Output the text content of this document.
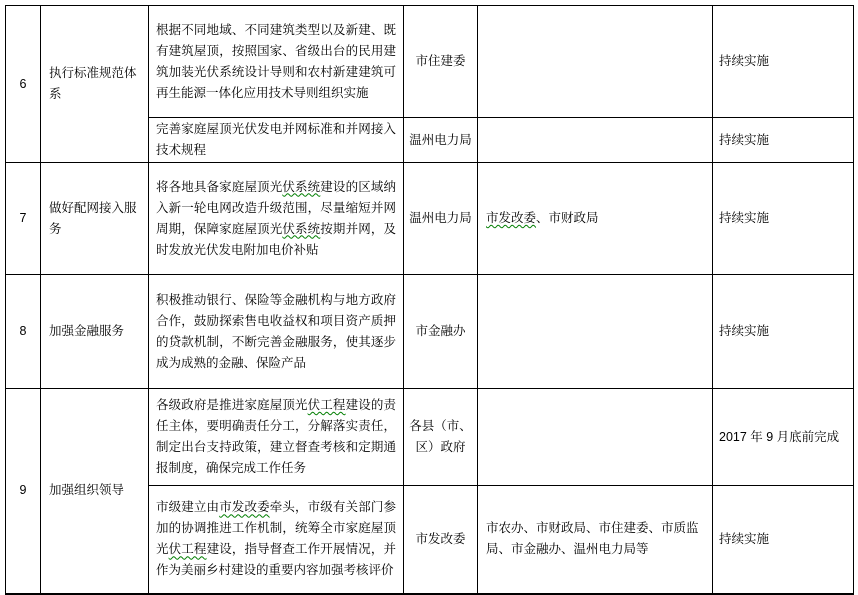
6	执行标准规范体系	根据不同地域、不同建筑类型以及新建、既有建筑屋顶，按照国家、省级出台的民用建筑加装光伏系统设计导则和农村新建建筑可再生能源一体化应用技术导则组织实施	市住建委		持续实施
		完善家庭屋顶光伏发电并网标准和并网接入技术规程	温州电力局		持续实施
7	做好配网接入服务	将各地具备家庭屋顶光伏系统建设的区域纳入新一轮电网改造升级范围，尽量缩短并网周期，保障家庭屋顶光伏系统按期并网，及时发放光伏发电附加电价补贴	温州电力局	市发改委、市财政局	持续实施
8	加强金融服务	积极推动银行、保险等金融机构与地方政府合作，鼓励探索售电收益权和项目资产质押的贷款机制，不断完善金融服务，使其逐步成为成熟的金融、保险产品	市金融办		持续实施
9	加强组织领导	各级政府是推进家庭屋顶光伏工程建设的责任主体，要明确责任分工，分解落实责任，制定出台支持政策，建立督查考核和定期通报制度，确保完成工作任务	各县（市、区）政府		2017 年 9 月底前完成
		市级建立由市发改委牵头，市级有关部门参加的协调推进工作机制，统筹全市家庭屋顶光伏工程建设，指导督查工作开展情况，并作为美丽乡村建设的重要内容加强考核评价	市发改委	市农办、市财政局、市住建委、市质监局、市金融办、温州电力局等	持续实施
